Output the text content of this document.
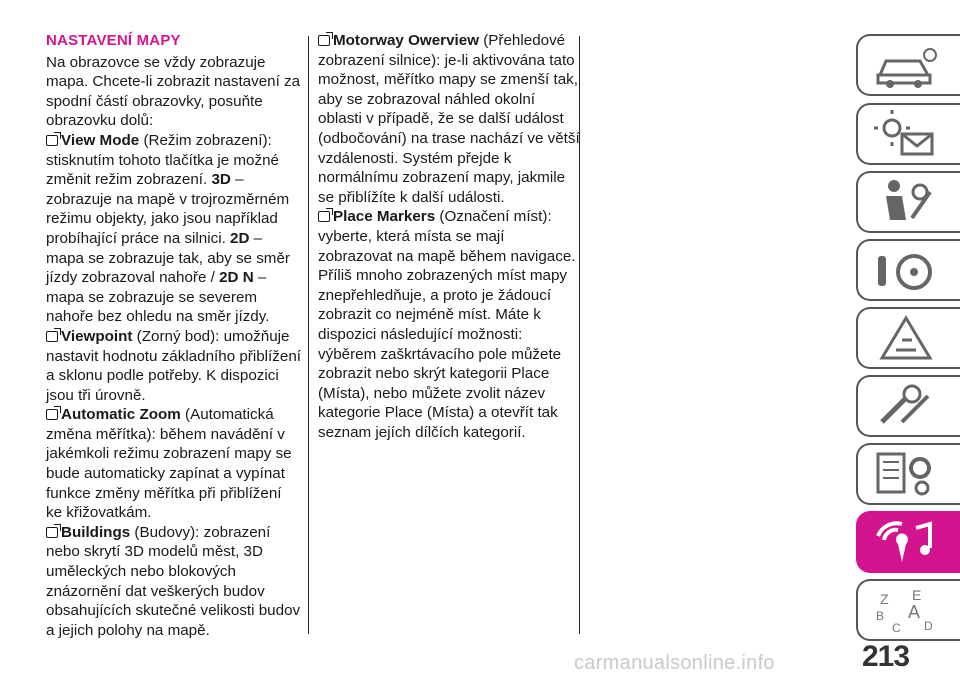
NASTAVENÍ MAPY

Na obrazovce se vždy zobrazuje mapa. Chcete-li zobrazit nastavení za spodní částí obrazovky, posuňte obrazovku dolů:

View Mode (Režim zobrazení): stisknutím tohoto tlačítka je možné změnit režim zobrazení. 3D – zobrazuje na mapě v trojrozměrném režimu objekty, jako jsou například probíhající práce na silnici. 2D – mapa se zobrazuje tak, aby se směr jízdy zobrazoval nahoře / 2D N – mapa se zobrazuje se severem nahoře bez ohledu na směr jízdy.

Viewpoint (Zorný bod): umožňuje nastavit hodnotu základního přiblížení a sklonu podle potřeby. K dispozici jsou tři úrovně.

Automatic Zoom (Automatická změna měřítka): během navádění v jakémkoli režimu zobrazení mapy se bude automaticky zapínat a vypínat funkce změny měřítka při přiblížení ke křižovatkám.

Buildings (Budovy): zobrazení nebo skrytí 3D modelů měst, 3D uměleckých nebo blokových znázornění dat veškerých budov obsahujících skutečné velikosti budov a jejich polohy na mapě.

Motorway Owerview (Přehledové zobrazení silnice): je-li aktivována tato možnost, měřítko mapy se zmenší tak, aby se zobrazoval náhled okolní oblasti v případě, že se další událost (odbočování) na trase nachází ve větší vzdálenosti. Systém přejde k normálnímu zobrazení mapy, jakmile se přiblížíte k další události.

Place Markers (Označení míst): vyberte, která místa se mají zobrazovat na mapě během navigace. Příliš mnoho zobrazených míst mapy znepřehledňuje, a proto je žádoucí zobrazit co nejméně míst. Máte k dispozici následující možnosti: výběrem zaškrtávacího pole můžete zobrazit nebo skrýt kategorii Place (Místa), nebo můžete zvolit název kategorie Place (Místa) a otevřít tak seznam jejích dílčích kategorií.

Z E
B A
C D
213
carmanualsonline.info
